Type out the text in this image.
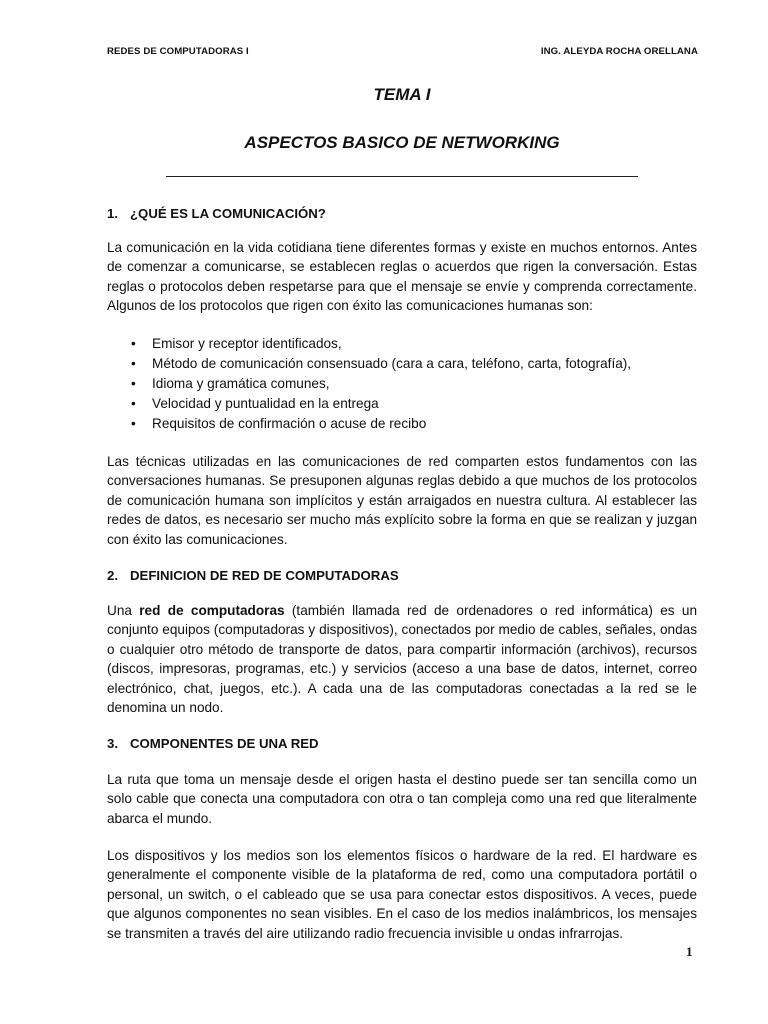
REDES DE COMPUTADORAS I	ING. ALEYDA ROCHA ORELLANA
TEMA I
ASPECTOS BASICO DE NETWORKING
1. ¿QUÉ ES LA COMUNICACIÓN?
La comunicación en la vida cotidiana tiene diferentes formas y existe en muchos entornos. Antes
de comenzar a comunicarse, se establecen reglas o acuerdos que rigen la conversación. Estas
reglas o protocolos deben respetarse para que el mensaje se envíe y comprenda correctamente.
Algunos de los protocolos que rigen con éxito las comunicaciones humanas son:
• Emisor y receptor identificados,
• Método de comunicación consensuado (cara a cara, teléfono, carta, fotografía),
• Idioma y gramática comunes,
• Velocidad y puntualidad en la entrega
• Requisitos de confirmación o acuse de recibo
Las técnicas utilizadas en las comunicaciones de red comparten estos fundamentos con las
conversaciones humanas. Se presuponen algunas reglas debido a que muchos de los protocolos
de comunicación humana son implícitos y están arraigados en nuestra cultura. Al establecer las
redes de datos, es necesario ser mucho más explícito sobre la forma en que se realizan y juzgan
con éxito las comunicaciones.
2. DEFINICION DE RED DE COMPUTADORAS
Una red de computadoras (también llamada red de ordenadores o red informática) es un
conjunto equipos (computadoras y dispositivos), conectados por medio de cables, señales, ondas
o cualquier otro método de transporte de datos, para compartir información (archivos), recursos
(discos, impresoras, programas, etc.) y servicios (acceso a una base de datos, internet, correo
electrónico, chat, juegos, etc.). A cada una de las computadoras conectadas a la red se le
denomina un nodo.
3. COMPONENTES DE UNA RED
La ruta que toma un mensaje desde el origen hasta el destino puede ser tan sencilla como un
solo cable que conecta una computadora con otra o tan compleja como una red que literalmente
abarca el mundo.
Los dispositivos y los medios son los elementos físicos o hardware de la red. El hardware es
generalmente el componente visible de la plataforma de red, como una computadora portátil o
personal, un switch, o el cableado que se usa para conectar estos dispositivos. A veces, puede
que algunos componentes no sean visibles. En el caso de los medios inalámbricos, los mensajes
se transmiten a través del aire utilizando radio frecuencia invisible u ondas infrarrojas.
1
